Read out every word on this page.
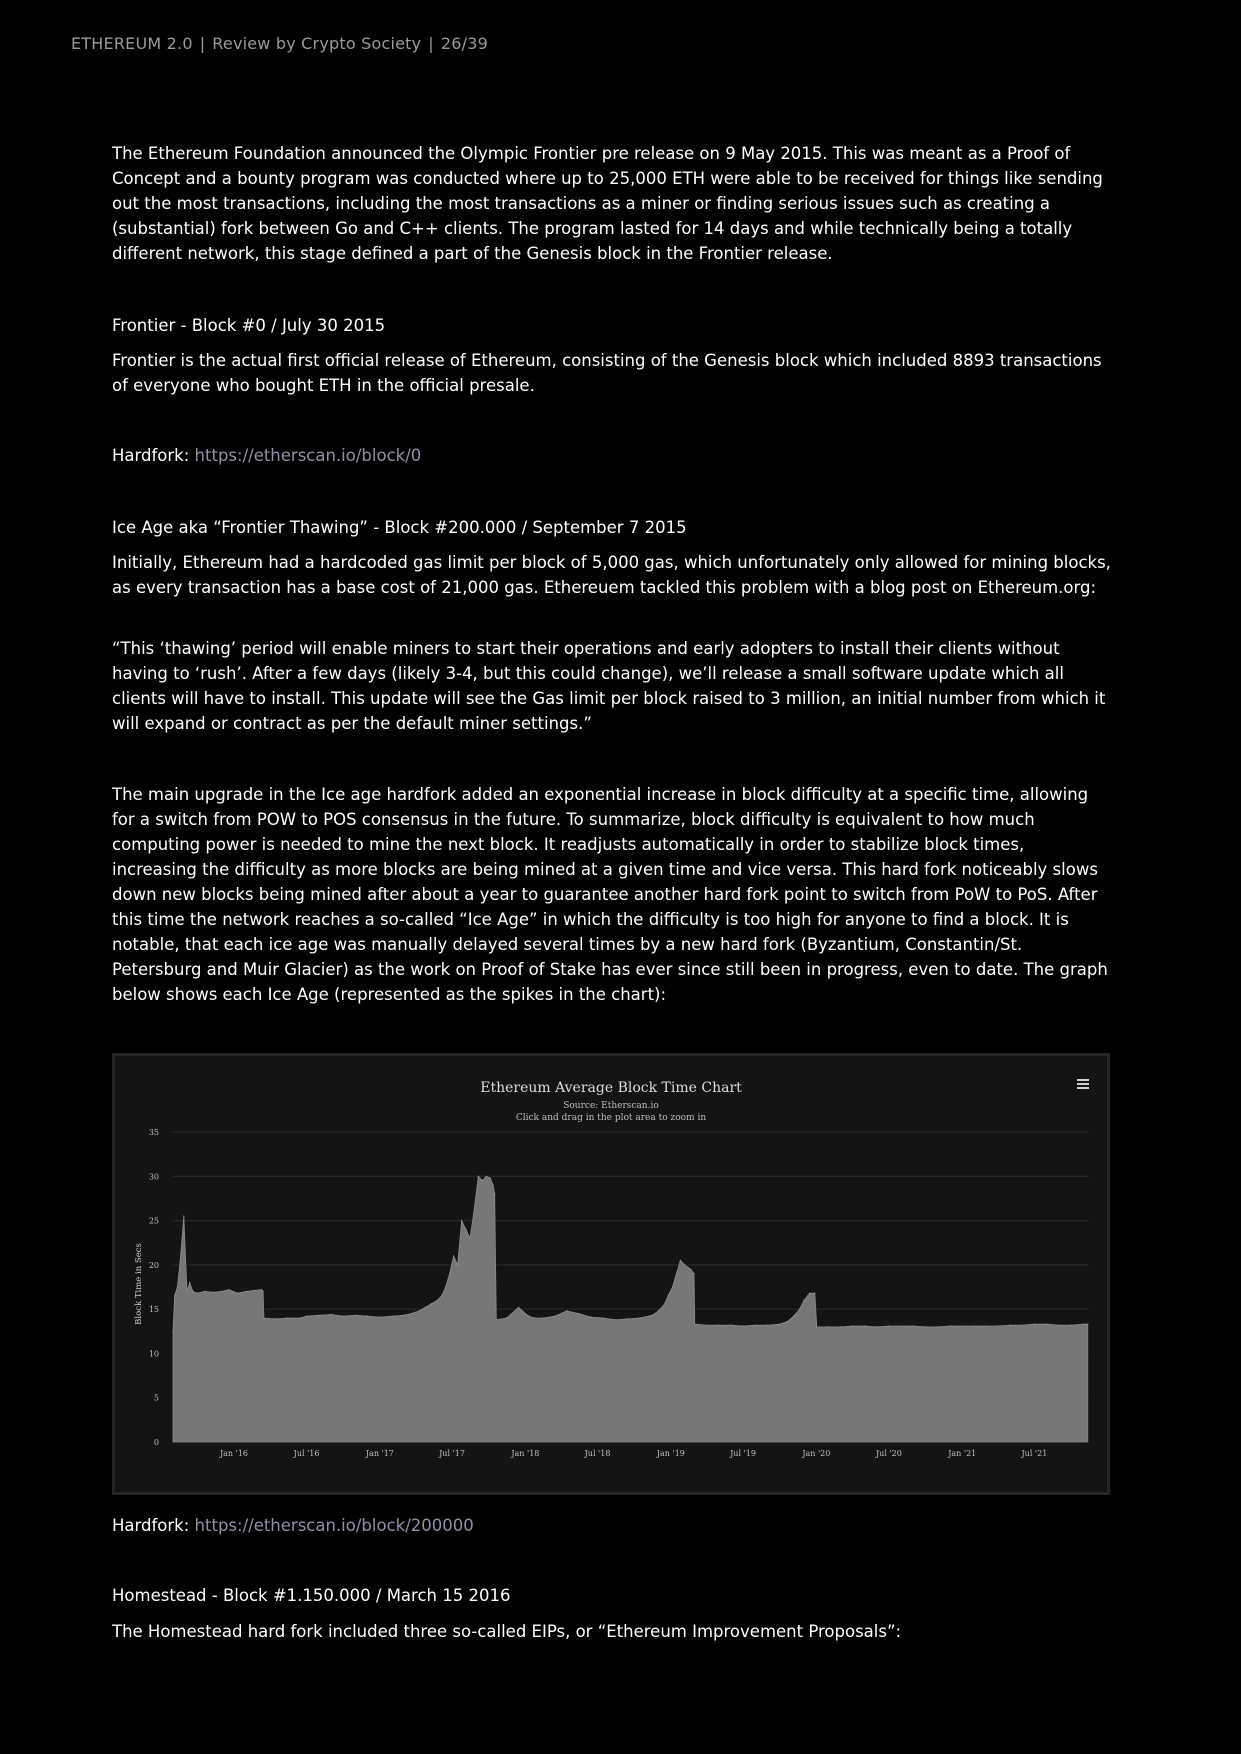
ETHEREUM 2.0 | Review by Crypto Society | 26/39

The Ethereum Foundation announced the Olympic Frontier pre release on 9 May 2015. This was meant as a Proof of Concept and a bounty program was conducted where up to 25,000 ETH were able to be received for things like sending out the most transactions, including the most transactions as a miner or finding serious issues such as creating a (substantial) fork between Go and C++ clients. The program lasted for 14 days and while technically being a totally different network, this stage defined a part of the Genesis block in the Frontier release.

Frontier - Block #0 / July 30 2015

Frontier is the actual first official release of Ethereum, consisting of the Genesis block which included 8893 transactions of everyone who bought ETH in the official presale.

Hardfork: https://etherscan.io/block/0

Ice Age aka “Frontier Thawing” - Block #200.000 / September 7 2015

Initially, Ethereum had a hardcoded gas limit per block of 5,000 gas, which unfortunately only allowed for mining blocks, as every transaction has a base cost of 21,000 gas. Ethereuem tackled this problem with a blog post on Ethereum.org:

“This ‘thawing’ period will enable miners to start their operations and early adopters to install their clients without having to ‘rush’. After a few days (likely 3-4, but this could change), we’ll release a small software update which all clients will have to install. This update will see the Gas limit per block raised to 3 million, an initial number from which it will expand or contract as per the default miner settings.”

The main upgrade in the Ice age hardfork added an exponential increase in block difficulty at a specific time, allowing for a switch from POW to POS consensus in the future. To summarize, block difficulty is equivalent to how much computing power is needed to mine the next block. It readjusts automatically in order to stabilize block times, increasing the difficulty as more blocks are being mined at a given time and vice versa. This hard fork noticeably slows down new blocks being mined after about a year to guarantee another hard fork point to switch from PoW to PoS. After this time the network reaches a so-called “Ice Age” in which the difficulty is too high for anyone to find a block. It is notable, that each ice age was manually delayed several times by a new hard fork (Byzantium, Constantin/St. Petersburg and Muir Glacier) as the work on Proof of Stake has ever since still been in progress, even to date. The graph below shows each Ice Age (represented as the spikes in the chart):

Hardfork: https://etherscan.io/block/200000

Homestead - Block #1.150.000 / March 15 2016

The Homestead hard fork included three so-called EIPs, or “Ethereum Improvement Proposals”:

Ethereum Average Block Time Chart
Source: Etherscan.io
Click and drag in the plot area to zoom in
0
5
10
15
20
25
30
35
Jan '16	Jul '16	Jan '17	Jul '17	Jan '18	Jul '18	Jan '19	Jul '19	Jan '20	Jul '20	Jan '21	Jul '21
Block Time in Secs
